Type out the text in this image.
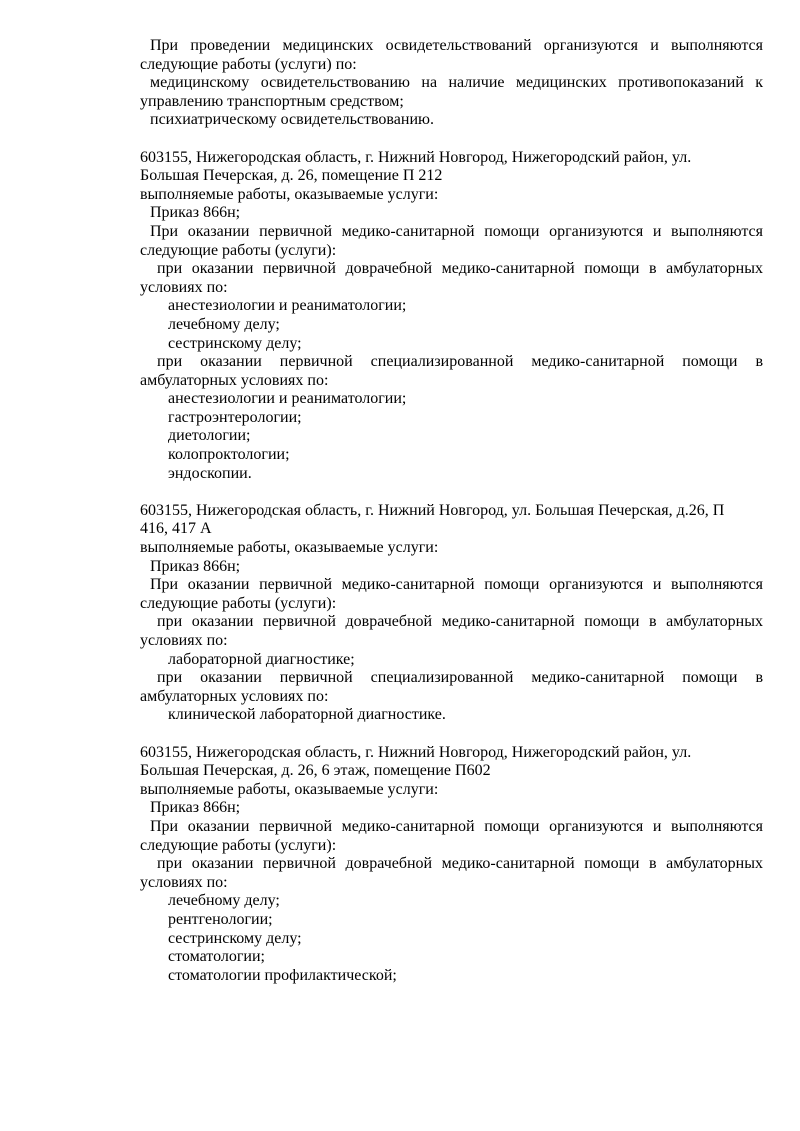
При проведении медицинских освидетельствований организуются и выполняются
следующие работы (услуги) по:
медицинскому освидетельствованию на наличие медицинских противопоказаний к
управлению транспортным средством;
психиатрическому освидетельствованию.
603155, Нижегородская область, г. Нижний Новгород, Нижегородский район, ул.
Большая Печерская, д. 26, помещение П 212
выполняемые работы, оказываемые услуги:
Приказ 866н;
При оказании первичной медико-санитарной помощи организуются и выполняются
следующие работы (услуги):
при оказании первичной доврачебной медико-санитарной помощи в амбулаторных
условиях по:
анестезиологии и реаниматологии;
лечебному делу;
сестринскому делу;
при оказании первичной специализированной медико-санитарной помощи в
амбулаторных условиях по:
анестезиологии и реаниматологии;
гастроэнтерологии;
диетологии;
колопроктологии;
эндоскопии.
603155, Нижегородская область, г. Нижний Новгород, ул. Большая Печерская, д.26, П
416, 417 А
выполняемые работы, оказываемые услуги:
Приказ 866н;
При оказании первичной медико-санитарной помощи организуются и выполняются
следующие работы (услуги):
при оказании первичной доврачебной медико-санитарной помощи в амбулаторных
условиях по:
лабораторной диагностике;
при оказании первичной специализированной медико-санитарной помощи в
амбулаторных условиях по:
клинической лабораторной диагностике.
603155, Нижегородская область, г. Нижний Новгород, Нижегородский район, ул.
Большая Печерская, д. 26, 6 этаж, помещение П602
выполняемые работы, оказываемые услуги:
Приказ 866н;
При оказании первичной медико-санитарной помощи организуются и выполняются
следующие работы (услуги):
при оказании первичной доврачебной медико-санитарной помощи в амбулаторных
условиях по:
лечебному делу;
рентгенологии;
сестринскому делу;
стоматологии;
стоматологии профилактической;
